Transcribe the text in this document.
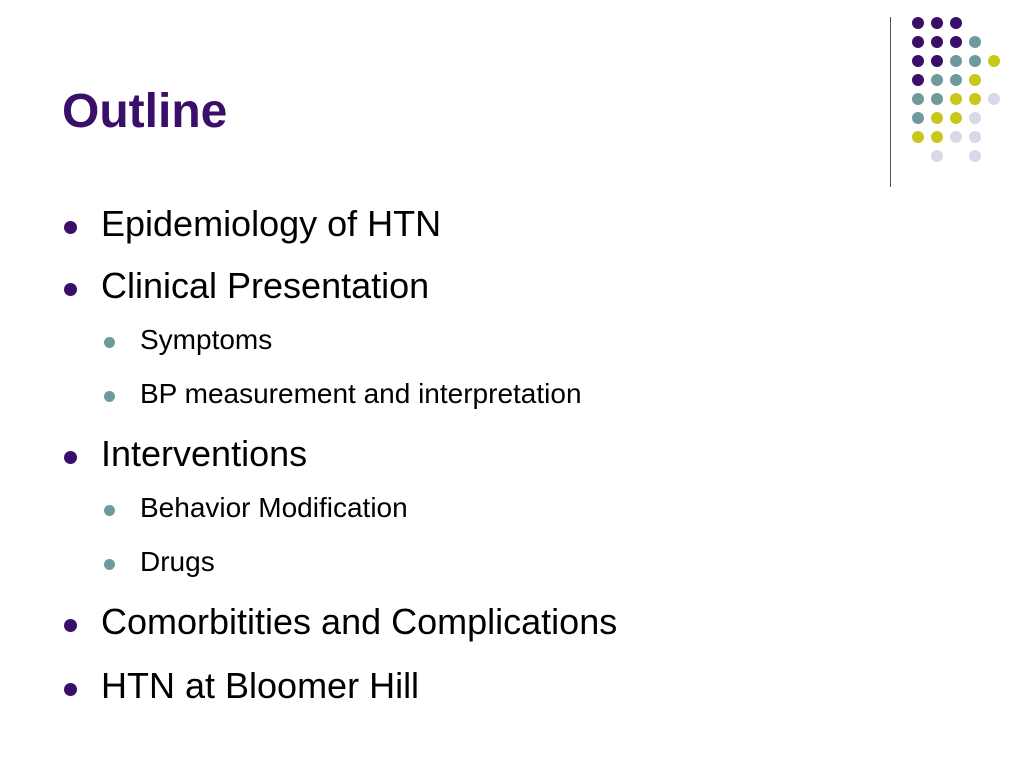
Outline
Epidemiology of HTN
Clinical Presentation
Symptoms
BP measurement and interpretation
Interventions
Behavior Modification
Drugs
Comorbitities and Complications
HTN at Bloomer Hill
